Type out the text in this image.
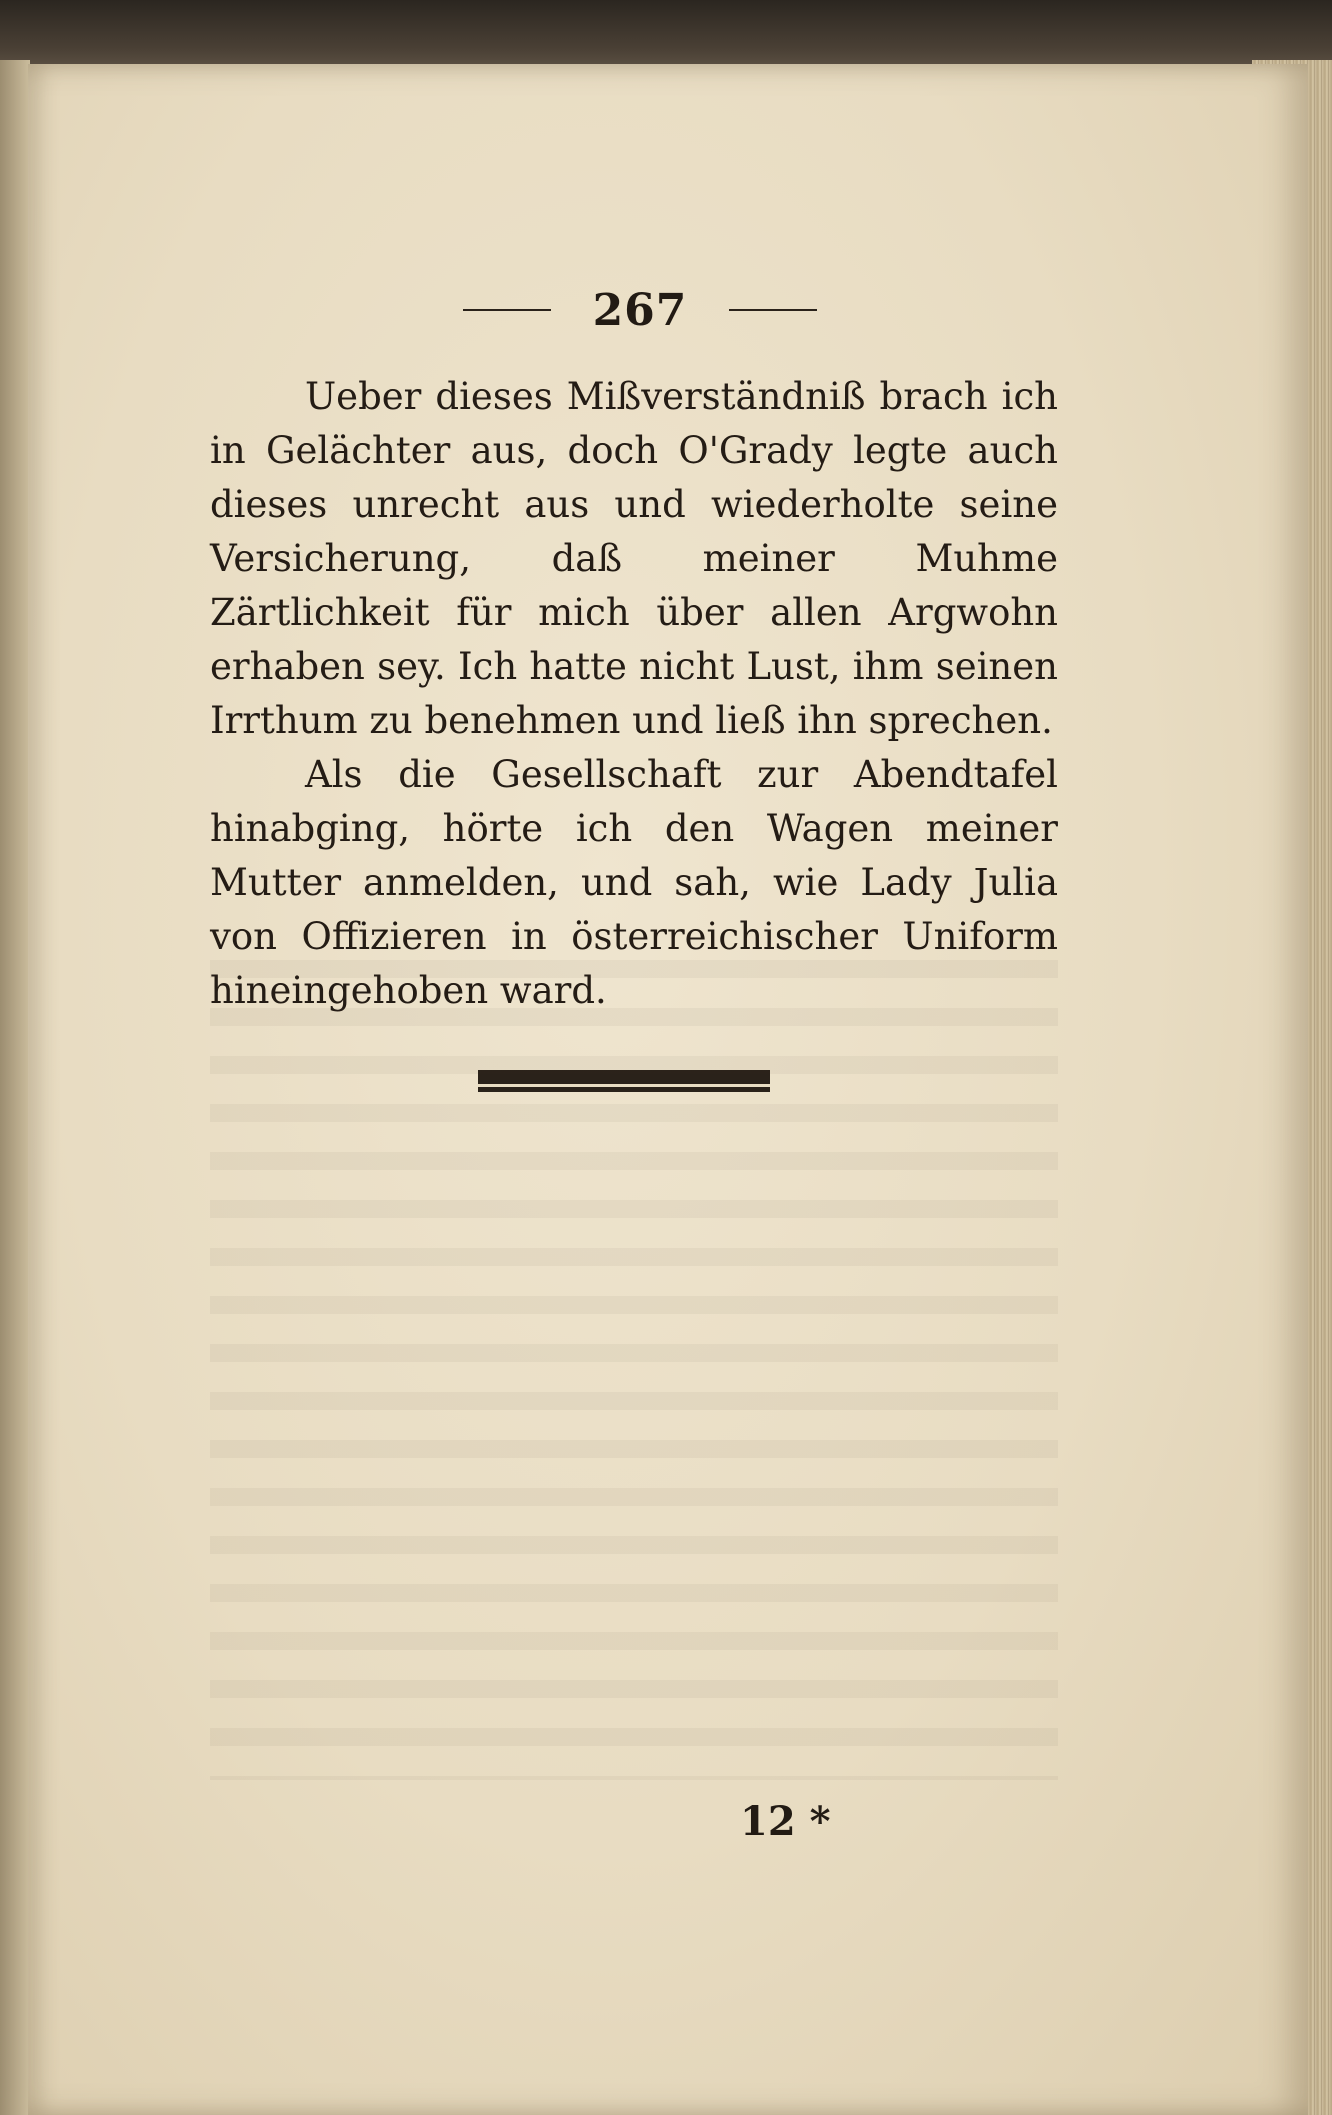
267

Ueber dieses Mißverständniß brach ich in Gelächter aus, doch O'Grady legte auch dieses unrecht aus und wiederholte seine Versicherung, daß meiner Muhme Zärtlichkeit für mich über allen Argwohn erhaben sey. Ich hatte nicht Lust, ihm seinen Irrthum zu benehmen und ließ ihn sprechen.

Als die Gesellschaft zur Abendtafel hinabging, hörte ich den Wagen meiner Mutter anmelden, und sah, wie Lady Julia von Offizieren in österreichischer Uniform hineingehoben ward.

12 *
